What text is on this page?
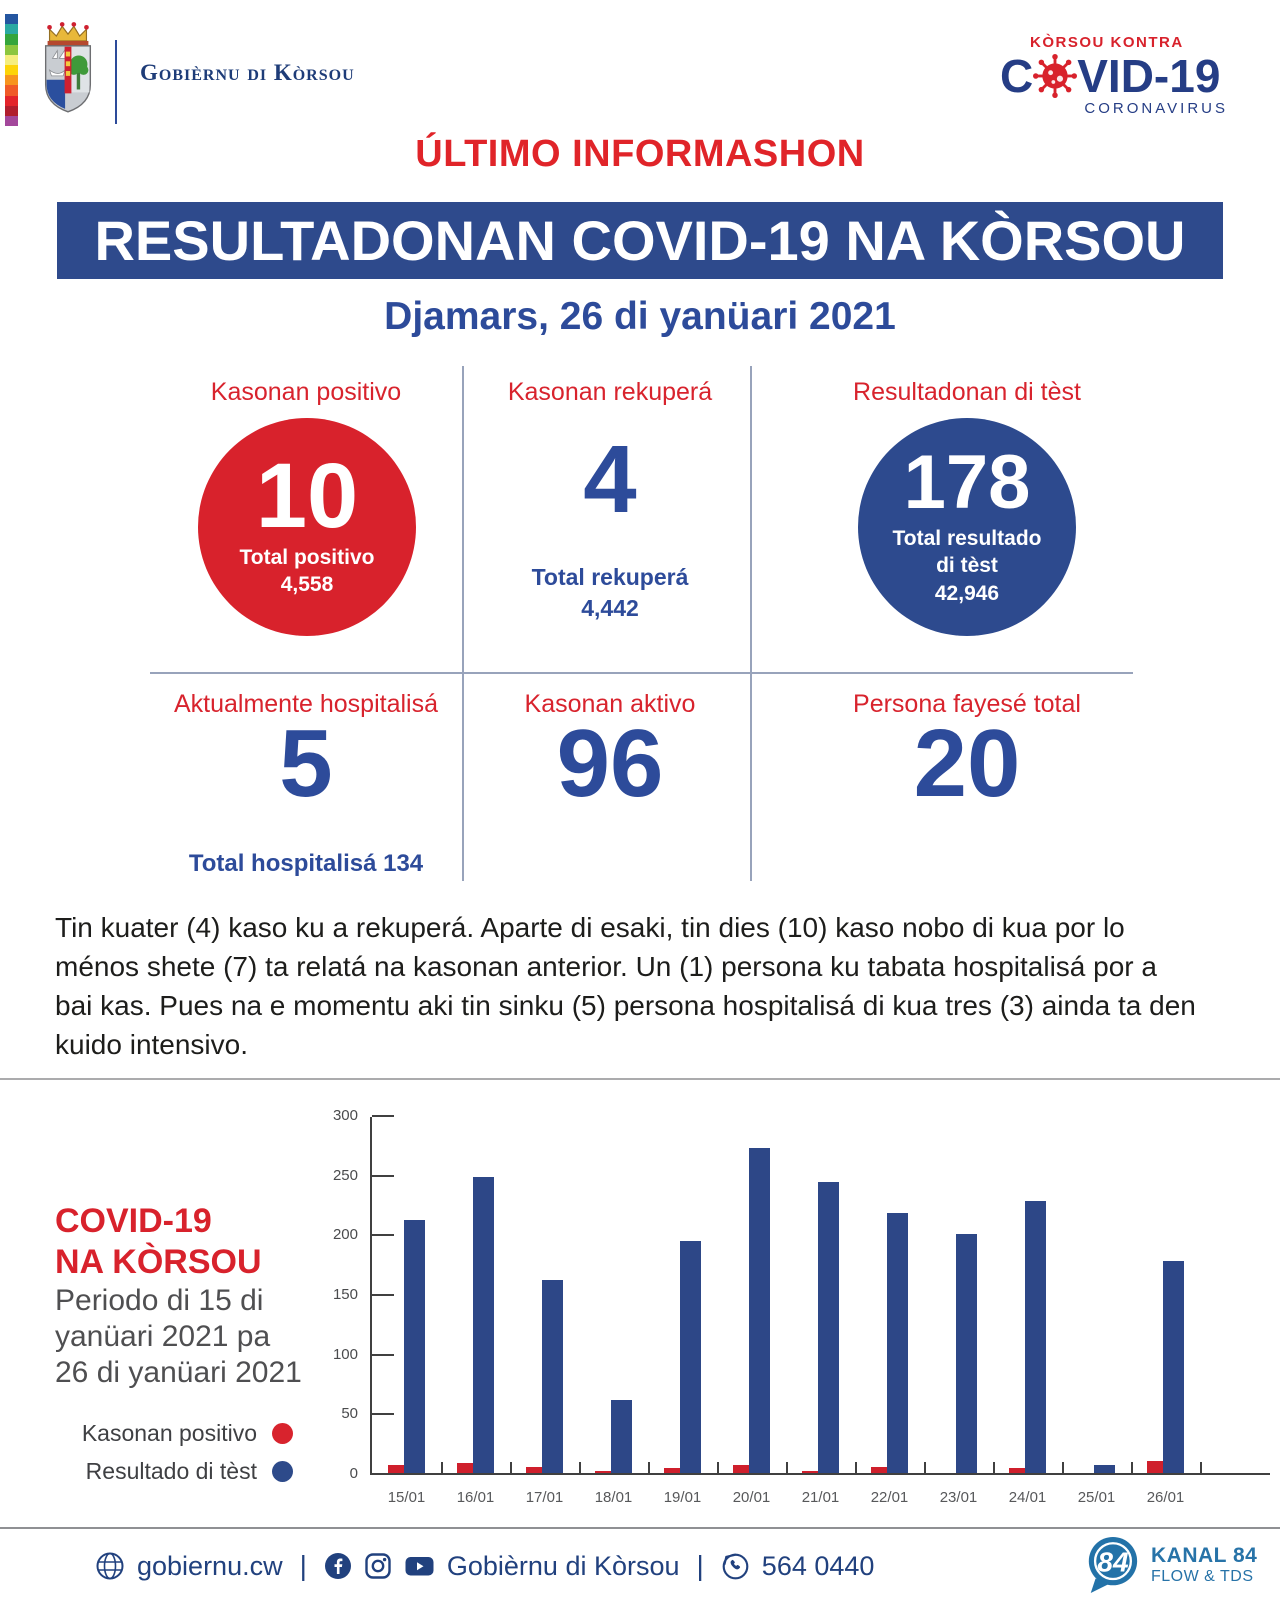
Gobièrnu di Kòrsou
KÒRSOU KONTRA
C VID-19
CORONAVIRUS
ÚLTIMO INFORMASHON
RESULTADONAN COVID-19 NA KÒRSOU
Djamars, 26 di yanüari 2021
Kasonan positivo	Kasonan rekuperá	Resultadonan di tèst
10
Total positivo
4,558
4
Total rekuperá
4,442
178
Total resultado
di tèst
42,946
Aktualmente hospitalisá	Kasonan aktivo	Persona fayesé total
5	96	20
Total hospitalisá 134
Tin kuater (4) kaso ku a rekuperá. Aparte di esaki, tin dies (10) kaso nobo di kua por lo
ménos shete (7) ta relatá na kasonan anterior. Un (1) persona ku tabata hospitalisá por a
bai kas. Pues na e momentu aki tin sinku (5) persona hospitalisá di kua tres (3) ainda ta den
kuido intensivo.
COVID-19
NA KÒRSOU
Periodo di 15 di
yanüari 2021 pa
26 di yanüari 2021
Kasonan positivo
Resultado di tèst	0
50
100
150
200
250
300
15/01	16/01	17/01	18/01	19/01	20/01	21/01	22/01	23/01	24/01	25/01	26/01
gobiernu.cw |	Gobièrnu di Kòrsou | 564 0440	84 KANAL 84
FLOW & TDS
